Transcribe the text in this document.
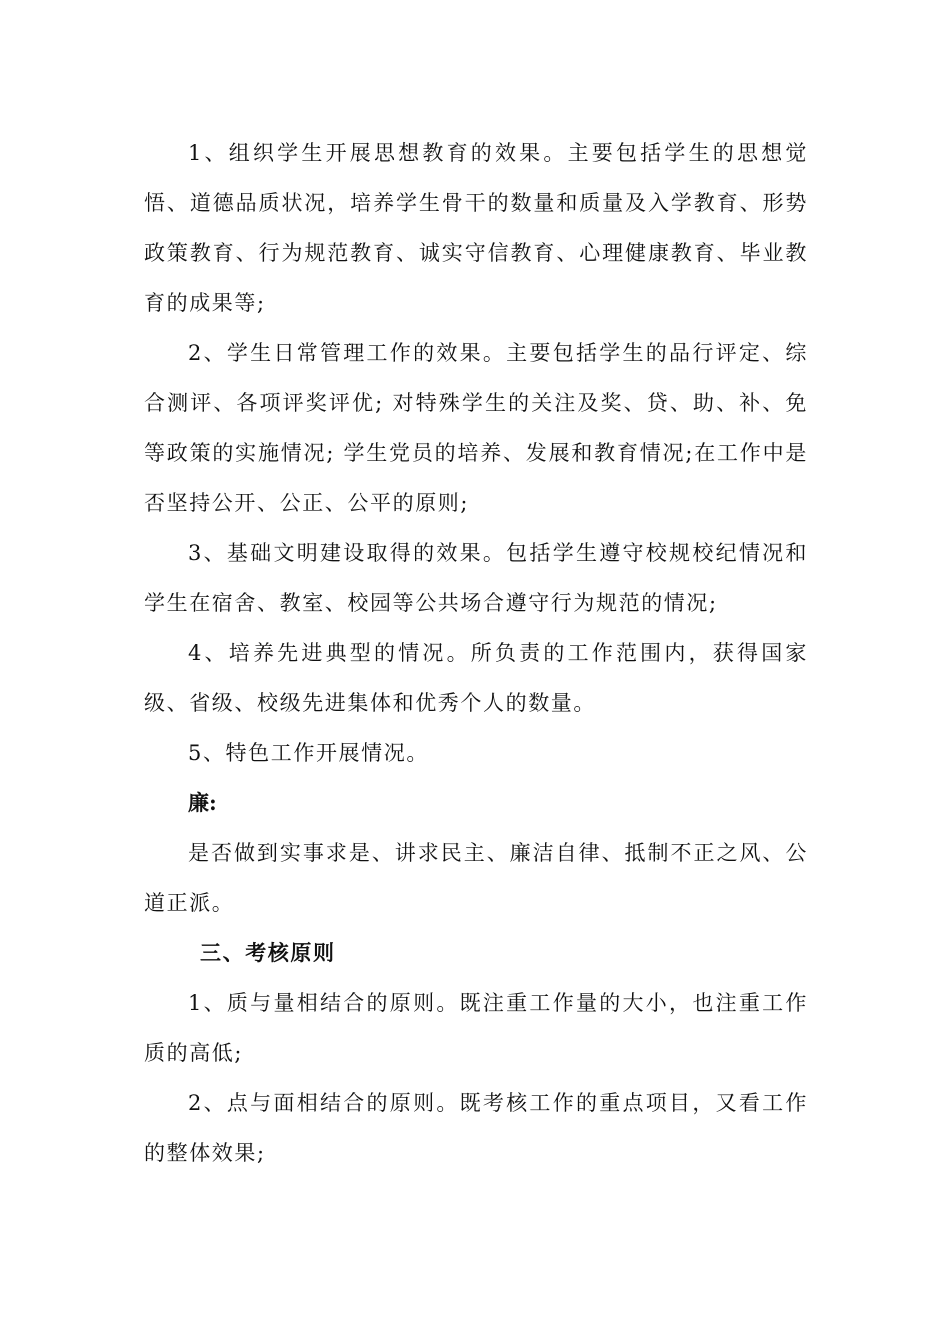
1、组织学生开展思想教育的效果。主要包括学生的思想觉悟、道德品质状况，培养学生骨干的数量和质量及入学教育、形势政策教育、行为规范教育、诚实守信教育、心理健康教育、毕业教育的成果等;

2、学生日常管理工作的效果。主要包括学生的品行评定、综合测评、各项评奖评优; 对特殊学生的关注及奖、贷、助、补、免等政策的实施情况; 学生党员的培养、发展和教育情况;在工作中是否坚持公开、公正、公平的原则;

3、基础文明建设取得的效果。包括学生遵守校规校纪情况和学生在宿舍、教室、校园等公共场合遵守行为规范的情况;

4、培养先进典型的情况。所负责的工作范围内，获得国家级、省级、校级先进集体和优秀个人的数量。

5、特色工作开展情况。

廉:

是否做到实事求是、讲求民主、廉洁自律、抵制不正之风、公道正派。

三、考核原则

1、质与量相结合的原则。既注重工作量的大小，也注重工作质的高低;

2、点与面相结合的原则。既考核工作的重点项目，又看工作的整体效果;
